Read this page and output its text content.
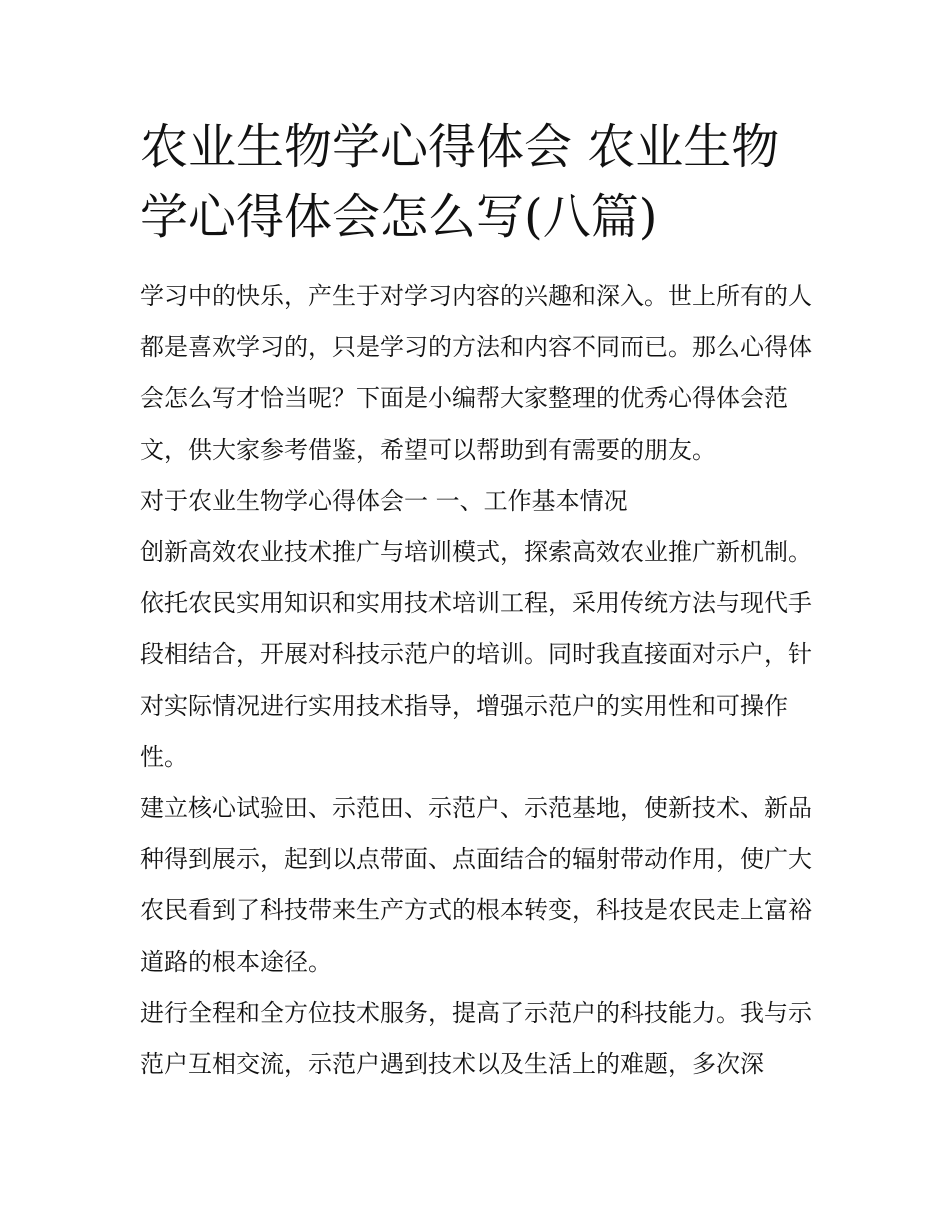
农业生物学心得体会 农业生物学心得体会怎么写(八篇)

学习中的快乐，产生于对学习内容的兴趣和深入。世上所有的人都是喜欢学习的，只是学习的方法和内容不同而已。那么心得体会怎么写才恰当呢？下面是小编帮大家整理的优秀心得体会范文，供大家参考借鉴，希望可以帮助到有需要的朋友。

对于农业生物学心得体会一 一、工作基本情况

创新高效农业技术推广与培训模式，探索高效农业推广新机制。依托农民实用知识和实用技术培训工程，采用传统方法与现代手段相结合，开展对科技示范户的培训。同时我直接面对示户，针对实际情况进行实用技术指导，增强示范户的实用性和可操作性。

建立核心试验田、示范田、示范户、示范基地，使新技术、新品种得到展示，起到以点带面、点面结合的辐射带动作用，使广大农民看到了科技带来生产方式的根本转变，科技是农民走上富裕道路的根本途径。

进行全程和全方位技术服务，提高了示范户的科技能力。我与示范户互相交流，示范户遇到技术以及生活上的难题，多次深
